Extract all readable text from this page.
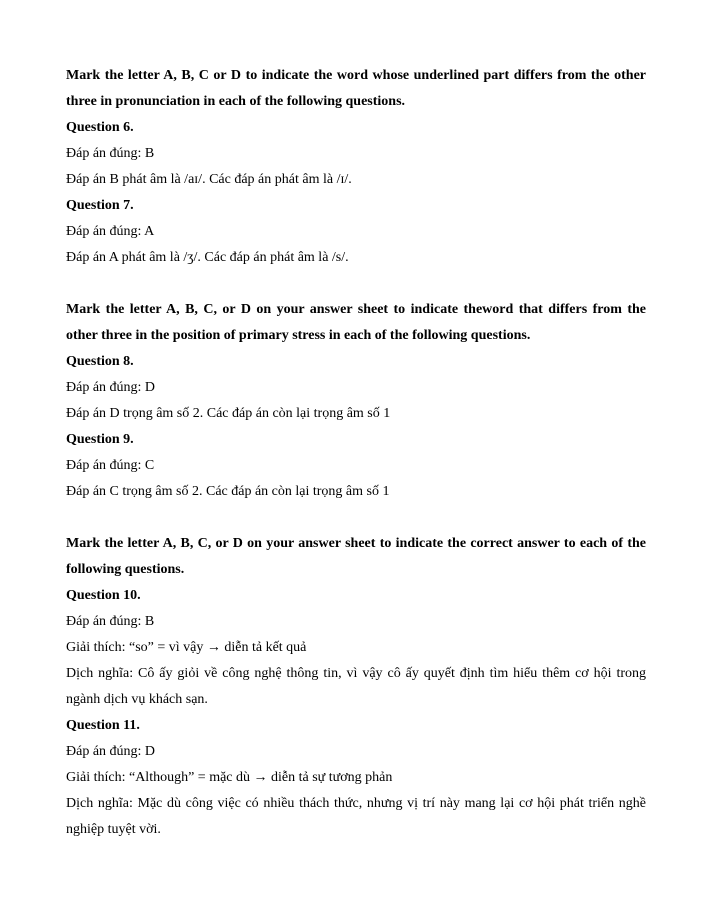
Mark the letter A, B, C or D to indicate the word whose underlined part differs from the other three in pronunciation in each of the following questions.

Question 6.

Đáp án đúng: B

Đáp án B phát âm là /aɪ/. Các đáp án phát âm là /ɪ/.

Question 7.

Đáp án đúng: A

Đáp án A phát âm là /ʒ/. Các đáp án phát âm là /s/.

Mark the letter A, B, C, or D on your answer sheet to indicate theword that differs from the other three in the position of primary stress in each of the following questions.

Question 8.

Đáp án đúng: D

Đáp án D trọng âm số 2. Các đáp án còn lại trọng âm số 1

Question 9.

Đáp án đúng: C

Đáp án C trọng âm số 2. Các đáp án còn lại trọng âm số 1

Mark the letter A, B, C, or D on your answer sheet to indicate the correct answer to each of the following questions.

Question 10.

Đáp án đúng: B

Giải thích: “so” = vì vậy → diễn tả kết quả

Dịch nghĩa: Cô ấy giỏi về công nghệ thông tin, vì vậy cô ấy quyết định tìm hiểu thêm cơ hội trong ngành dịch vụ khách sạn.

Question 11.

Đáp án đúng: D

Giải thích: “Although” = mặc dù → diễn tả sự tương phản

Dịch nghĩa: Mặc dù công việc có nhiều thách thức, nhưng vị trí này mang lại cơ hội phát triển nghề nghiệp tuyệt vời.
